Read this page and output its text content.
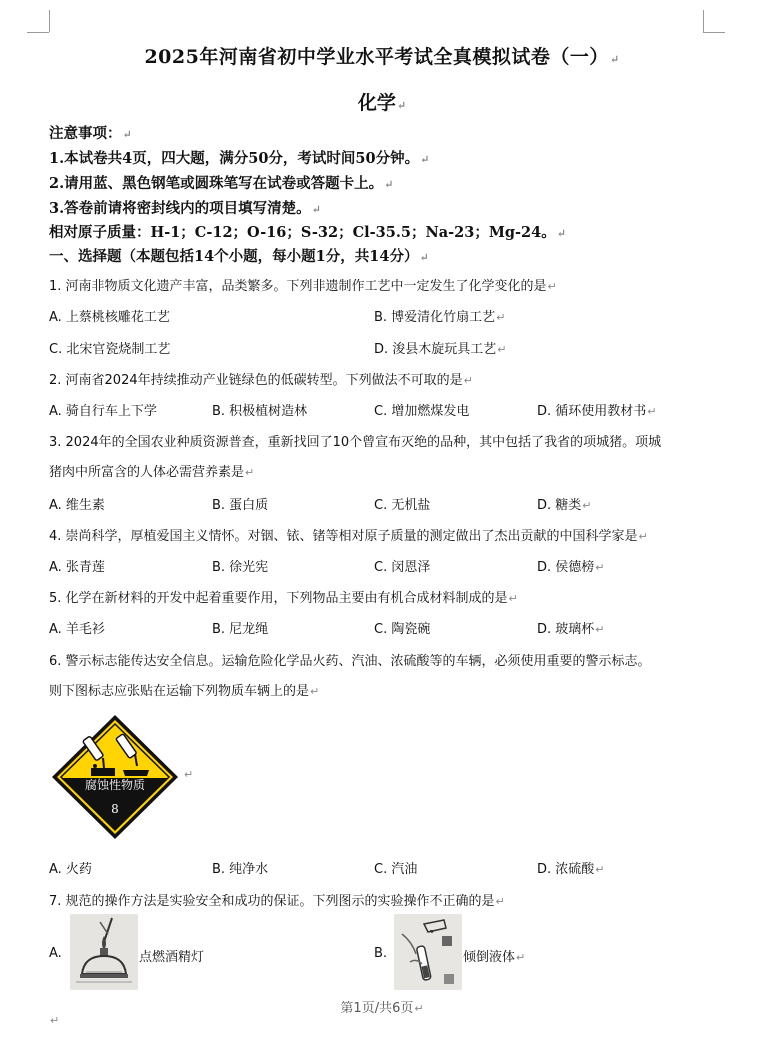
2025年河南省初中学业水平考试全真模拟试卷（一）↵
化学↵
注意事项：↵
1.本试卷共4页，四大题，满分50分，考试时间50分钟。↵
2.请用蓝、黑色钢笔或圆珠笔写在试卷或答题卡上。↵
3.答卷前请将密封线内的项目填写清楚。↵
相对原子质量：H-1；C-12；O-16；S-32；Cl-35.5；Na-23；Mg-24。↵
一、选择题（本题包括14个小题，每小题1分，共14分）↵
1. 河南非物质文化遗产丰富，品类繁多。下列非遗制作工艺中一定发生了化学变化的是↵
A. 上蔡桃核雕花工艺	B. 博爱清化竹扇工艺↵
C. 北宋官瓷烧制工艺	D. 浚县木旋玩具工艺↵
2. 河南省2024年持续推动产业链绿色的低碳转型。下列做法不可取的是↵
A. 骑自行车上下学	B. 积极植树造林	C. 增加燃煤发电	D. 循环使用教材书↵
3. 2024年的全国农业种质资源普查，重新找回了10个曾宣布灭绝的品种，其中包括了我省的项城猪。项城
猪肉中所富含的人体必需营养素是↵
A. 维生素	B. 蛋白质	C. 无机盐	D. 糖类↵
4. 崇尚科学，厚植爱国主义情怀。对铟、铱、锗等相对原子质量的测定做出了杰出贡献的中国科学家是↵
A. 张青莲	B. 徐光宪	C. 闵恩泽	D. 侯德榜↵
5. 化学在新材料的开发中起着重要作用，下列物品主要由有机合成材料制成的是↵
A. 羊毛衫	B. 尼龙绳	C. 陶瓷碗	D. 玻璃杯↵
6. 警示标志能传达安全信息。运输危险化学品火药、汽油、浓硫酸等的车辆，必须使用重要的警示标志。
则下图标志应张贴在运输下列物质车辆上的是↵
腐蚀性物质
8
↵
A. 火药	B. 纯净水	C. 汽油	D. 浓硫酸↵
7. 规范的操作方法是实验安全和成功的保证。下列图示的实验操作不正确的是↵
A.	点燃酒精灯	B.	倾倒液体↵
第1页/共6页↵
↵
